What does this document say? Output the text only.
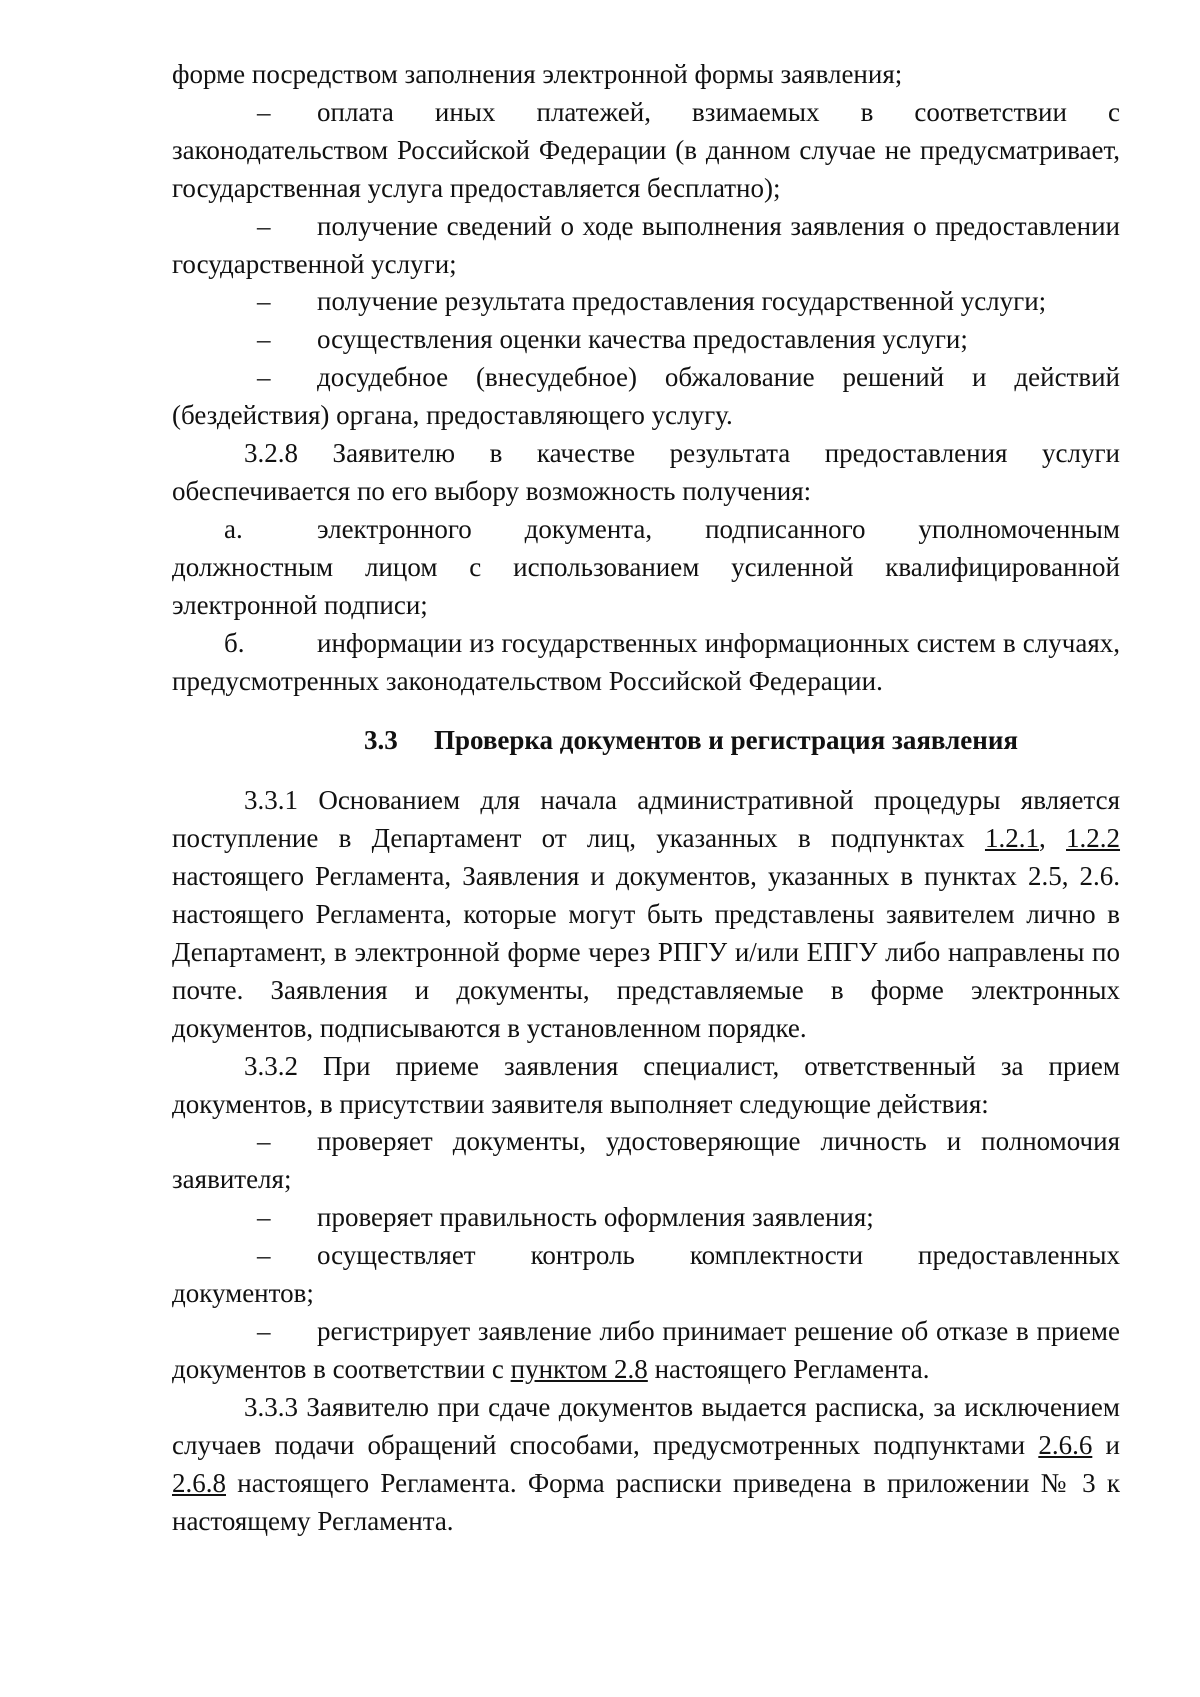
форме посредством заполнения электронной формы заявления;

– оплата иных платежей, взимаемых в соответствии с законодательством Российской Федерации (в данном случае не предусматривает, государственная услуга предоставляется бесплатно);

– получение сведений о ходе выполнения заявления о предоставлении государственной услуги;

– получение результата предоставления государственной услуги;

– осуществления оценки качества предоставления услуги;

– досудебное (внесудебное) обжалование решений и действий (бездействия) органа, предоставляющего услугу.

3.2.8 Заявителю в качестве результата предоставления услуги обеспечивается по его выбору возможность получения:

а.	электронного документа, подписанного уполномоченным должностным лицом с использованием усиленной квалифицированной электронной подписи;

б.	информации из государственных информационных систем в случаях, предусмотренных законодательством Российской Федерации.

3.3 Проверка документов и регистрация заявления

3.3.1 Основанием для начала административной процедуры является поступление в Департамент от лиц, указанных в подпунктах 1.2.1, 1.2.2 настоящего Регламента, Заявления и документов, указанных в пунктах 2.5, 2.6. настоящего Регламента, которые могут быть представлены заявителем лично в Департамент, в электронной форме через РПГУ и/или ЕПГУ либо направлены по почте. Заявления и документы, представляемые в форме электронных документов, подписываются в установленном порядке.

3.3.2 При приеме заявления специалист, ответственный за прием документов, в присутствии заявителя выполняет следующие действия:

– проверяет документы, удостоверяющие личность и полномочия заявителя;

– проверяет правильность оформления заявления;

– осуществляет контроль комплектности предоставленных документов;

– регистрирует заявление либо принимает решение об отказе в приеме документов в соответствии с пунктом 2.8 настоящего Регламента.

3.3.3 Заявителю при сдаче документов выдается расписка, за исключением случаев подачи обращений способами, предусмотренных подпунктами 2.6.6 и 2.6.8 настоящего Регламента. Форма расписки приведена в приложении № 3 к настоящему Регламента.
